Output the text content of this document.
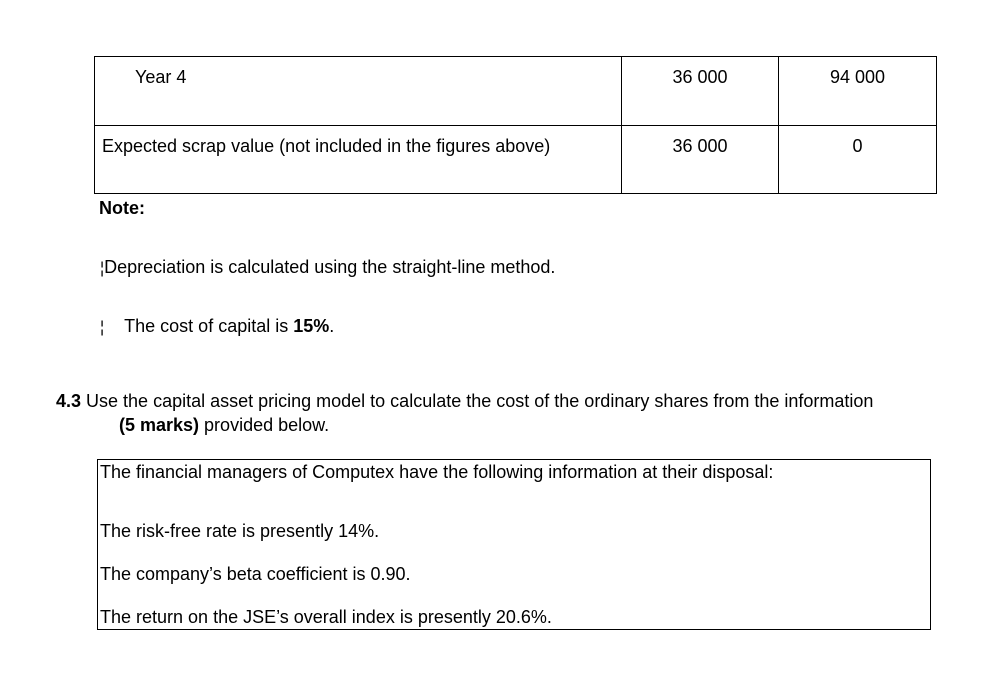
Year 4	36 000	94 000

Expected scrap value (not included in the figures above)	36 000	0
Note:
¦Depreciation is calculated using the straight-line method.
¦ The cost of capital is 15%.
4.3 Use the capital asset pricing model to calculate the cost of the ordinary shares from the information
(5 marks) provided below.
The financial managers of Computex have the following information at their disposal:
The risk-free rate is presently 14%.
The company’s beta coefficient is 0.90.
The return on the JSE’s overall index is presently 20.6%.
